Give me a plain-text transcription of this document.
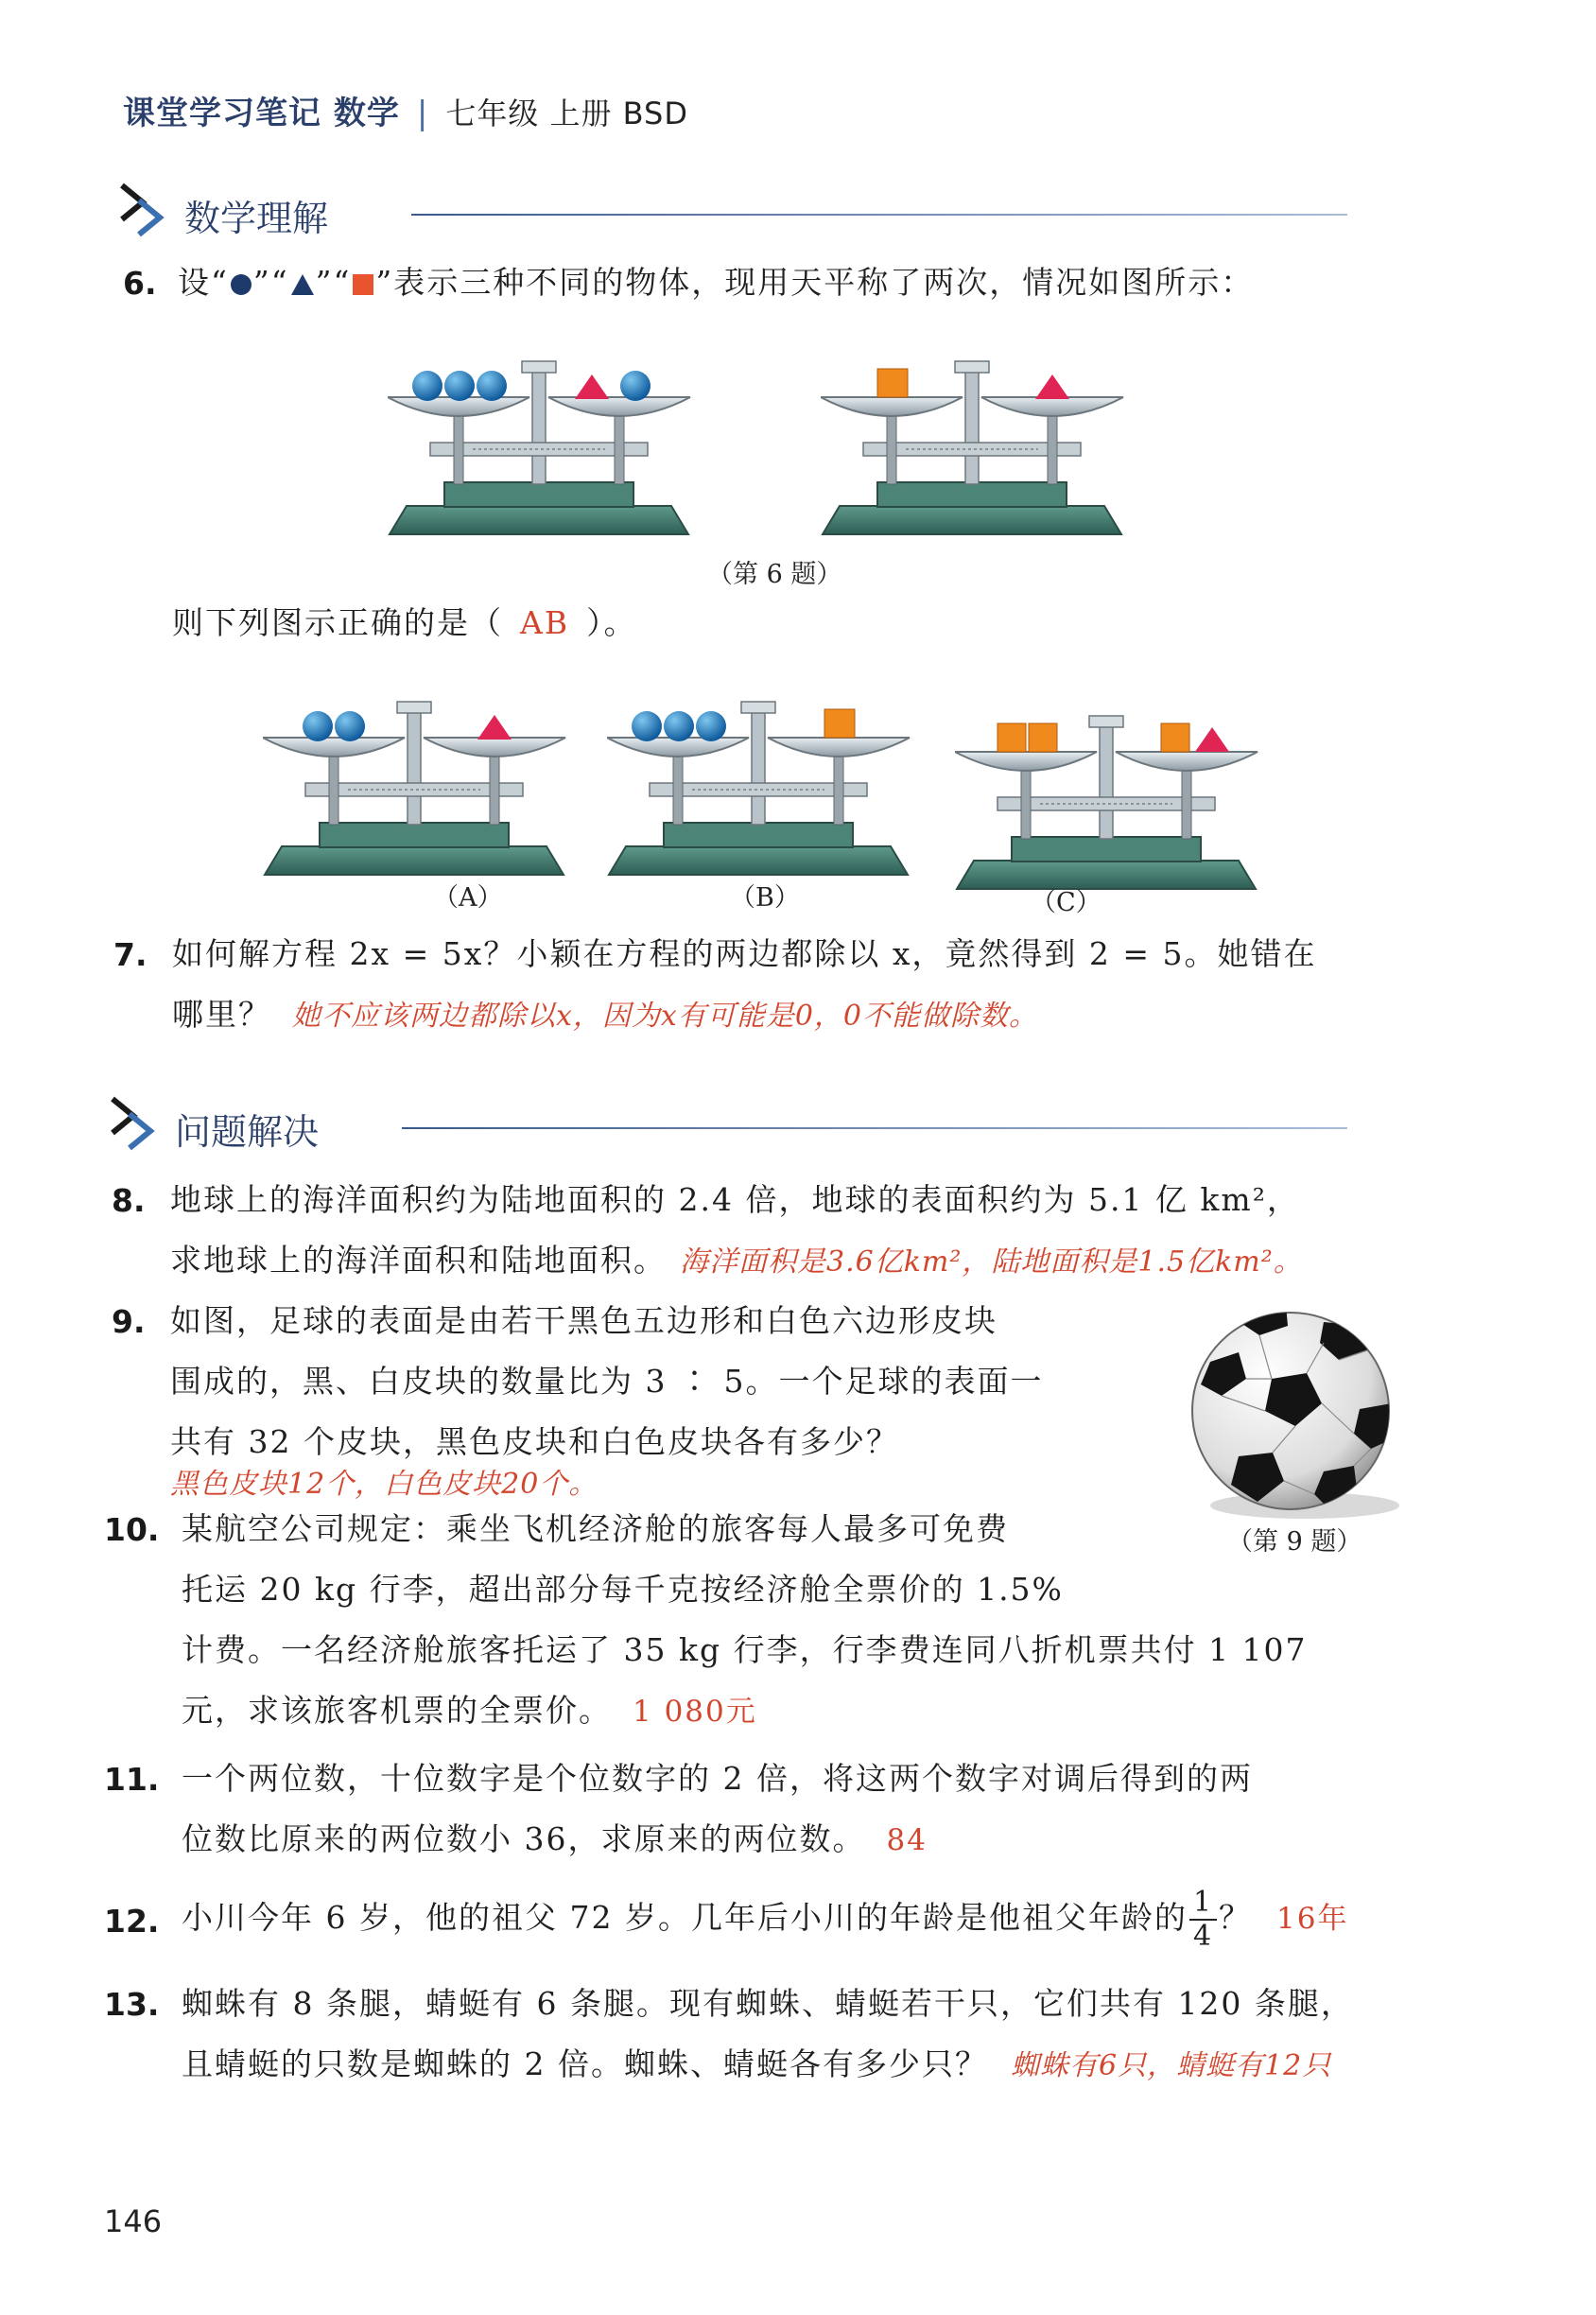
课堂学习笔记 数学 | 七年级 上册 BSD
数学理解
6. 设“ ”“ ”“ ”表示三种不同的物体，现用天平称了两次，情况如图所示：
（第 6 题）
则下列图示正确的是（ AB ）。
（A）	（B）	（C）
7. 如何解方程 2x = 5x？小颖在方程的两边都除以 x，竟然得到 2 = 5。她错在
哪里？ 她不应该两边都除以x，因为x有可能是0，0不能做除数。
问题解决
8. 地球上的海洋面积约为陆地面积的 2.4 倍，地球的表面积约为 5.1 亿 km²，
求地球上的海洋面积和陆地面积。 海洋面积是3.6亿km²，陆地面积是1.5亿km²。
9. 如图，足球的表面是由若干黑色五边形和白色六边形皮块
围成的，黑、白皮块的数量比为 3 ∶ 5。一个足球的表面一
共有 32 个皮块，黑色皮块和白色皮块各有多少？
黑色皮块12个，白色皮块20个。
（第 9 题）
10. 某航空公司规定：乘坐飞机经济舱的旅客每人最多可免费
托运 20 kg 行李，超出部分每千克按经济舱全票价的 1.5%
计费。一名经济舱旅客托运了 35 kg 行李，行李费连同八折机票共付 1 107
元，求该旅客机票的全票价。 1 080元
11. 一个两位数，十位数字是个位数字的 2 倍，将这两个数字对调后得到的两
位数比原来的两位数小 36，求原来的两位数。 84
12. 小川今年 6 岁，他的祖父 72 岁。几年后小川的年龄是他祖父年龄的 $\frac{1}{4}$ ？ 16年
13. 蜘蛛有 8 条腿，蜻蜓有 6 条腿。现有蜘蛛、蜻蜓若干只，它们共有 120 条腿，
且蜻蜓的只数是蜘蛛的 2 倍。蜘蛛、蜻蜓各有多少只？ 蜘蛛有6只，蜻蜓有12只
146
